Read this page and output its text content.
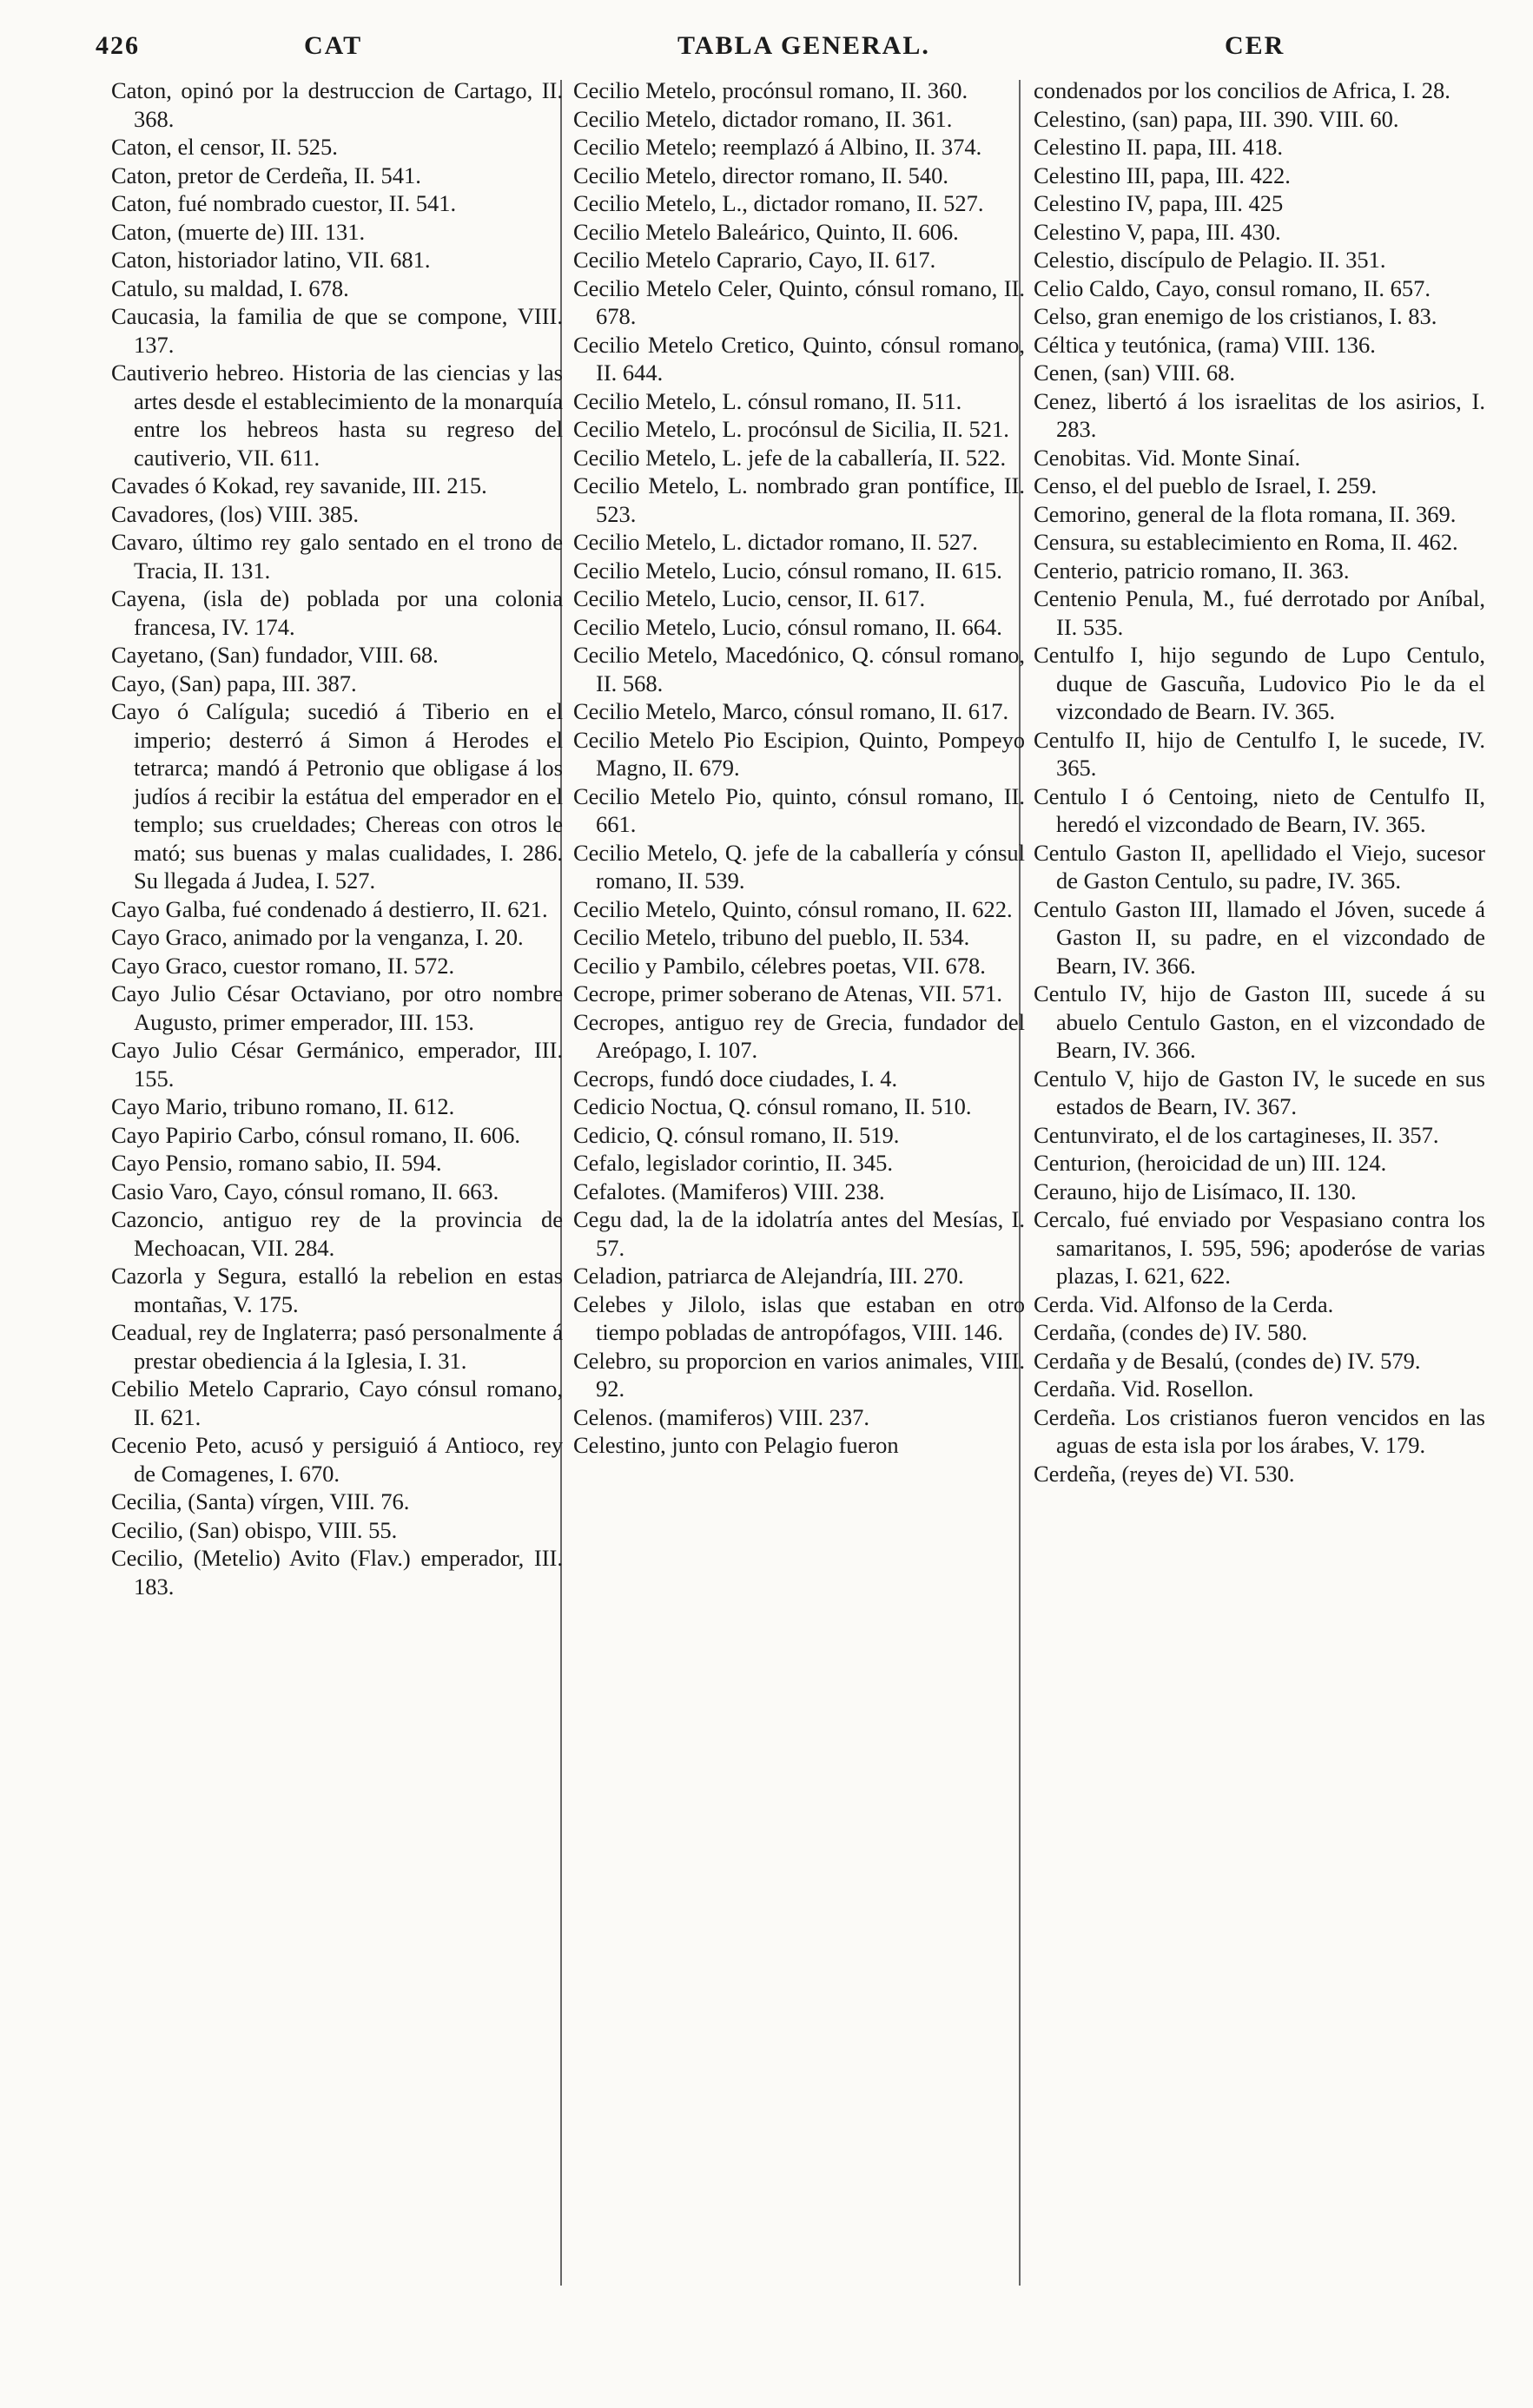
426	CAT	TABLA GENERAL.	CER

Caton, opinó por la destruccion de Cartago, II. 368.

Caton, el censor, II. 525.

Caton, pretor de Cerdeña, II. 541.

Caton, fué nombrado cuestor, II. 541.

Caton, (muerte de) III. 131.

Caton, historiador latino, VII. 681.

Catulo, su maldad, I. 678.

Caucasia, la familia de que se compone, VIII. 137.

Cautiverio hebreo. Historia de las ciencias y las artes desde el establecimiento de la monarquía entre los hebreos hasta su regreso del cautiverio, VII. 611.

Cavades ó Kokad, rey savanide, III. 215.

Cavadores, (los) VIII. 385.

Cavaro, último rey galo sentado en el trono de Tracia, II. 131.

Cayena, (isla de) poblada por una colonia francesa, IV. 174.

Cayetano, (San) fundador, VIII. 68.

Cayo, (San) papa, III. 387.

Cayo ó Calígula; sucedió á Tiberio en el imperio; desterró á Simon á Herodes el tetrarca; mandó á Petronio que obligase á los judíos á recibir la estátua del emperador en el templo; sus crueldades; Chereas con otros le mató; sus buenas y malas cualidades, I. 286. Su llegada á Judea, I. 527.

Cayo Galba, fué condenado á destierro, II. 621.

Cayo Graco, animado por la venganza, I. 20.

Cayo Graco, cuestor romano, II. 572.

Cayo Julio César Octaviano, por otro nombre Augusto, primer emperador, III. 153.

Cayo Julio César Germánico, emperador, III. 155.

Cayo Mario, tribuno romano, II. 612.

Cayo Papirio Carbo, cónsul romano, II. 606.

Cayo Pensio, romano sabio, II. 594.

Casio Varo, Cayo, cónsul romano, II. 663.

Cazoncio, antiguo rey de la provincia de Mechoacan, VII. 284.

Cazorla y Segura, estalló la rebelion en estas montañas, V. 175.

Ceadual, rey de Inglaterra; pasó personalmente á prestar obediencia á la Iglesia, I. 31.

Cebilio Metelo Caprario, Cayo cónsul romano, II. 621.

Cecenio Peto, acusó y persiguió á Antioco, rey de Comagenes, I. 670.

Cecilia, (Santa) vírgen, VIII. 76.

Cecilio, (San) obispo, VIII. 55.

Cecilio, (Metelio) Avito (Flav.) emperador, III. 183.

Cecilio Metelo, procónsul romano, II. 360.

Cecilio Metelo, dictador romano, II. 361.

Cecilio Metelo; reemplazó á Albino, II. 374.

Cecilio Metelo, director romano, II. 540.

Cecilio Metelo, L., dictador romano, II. 527.

Cecilio Metelo Baleárico, Quinto, II. 606.

Cecilio Metelo Caprario, Cayo, II. 617.

Cecilio Metelo Celer, Quinto, cónsul romano, II. 678.

Cecilio Metelo Cretico, Quinto, cónsul romano, II. 644.

Cecilio Metelo, L. cónsul romano, II. 511.

Cecilio Metelo, L. procónsul de Sicilia, II. 521.

Cecilio Metelo, L. jefe de la caballería, II. 522.

Cecilio Metelo, L. nombrado gran pontífice, II. 523.

Cecilio Metelo, L. dictador romano, II. 527.

Cecilio Metelo, Lucio, cónsul romano, II. 615.

Cecilio Metelo, Lucio, censor, II. 617.

Cecilio Metelo, Lucio, cónsul romano, II. 664.

Cecilio Metelo, Macedónico, Q. cónsul romano, II. 568.

Cecilio Metelo, Marco, cónsul romano, II. 617.

Cecilio Metelo Pio Escipion, Quinto, Pompeyo Magno, II. 679.

Cecilio Metelo Pio, quinto, cónsul romano, II. 661.

Cecilio Metelo, Q. jefe de la caballería y cónsul romano, II. 539.

Cecilio Metelo, Quinto, cónsul romano, II. 622.

Cecilio Metelo, tribuno del pueblo, II. 534.

Cecilio y Pambilo, célebres poetas, VII. 678.

Cecrope, primer soberano de Atenas, VII. 571.

Cecropes, antiguo rey de Grecia, fundador del Areópago, I. 107.

Cecrops, fundó doce ciudades, I. 4.

Cedicio Noctua, Q. cónsul romano, II. 510.

Cedicio, Q. cónsul romano, II. 519.

Cefalo, legislador corintio, II. 345.

Cefalotes. (Mamiferos) VIII. 238.

Cegu dad, la de la idolatría antes del Mesías, I. 57.

Celadion, patriarca de Alejandría, III. 270.

Celebes y Jilolo, islas que estaban en otro tiempo pobladas de antropófagos, VIII. 146.

Celebro, su proporcion en varios animales, VIII. 92.

Celenos. (mamiferos) VIII. 237.

Celestino, junto con Pelagio fueron

condenados por los concilios de Africa, I. 28.

Celestino, (san) papa, III. 390. VIII. 60.

Celestino II. papa, III. 418.

Celestino III, papa, III. 422.

Celestino IV, papa, III. 425

Celestino V, papa, III. 430.

Celestio, discípulo de Pelagio. II. 351.

Celio Caldo, Cayo, consul romano, II. 657.

Celso, gran enemigo de los cristianos, I. 83.

Céltica y teutónica, (rama) VIII. 136.

Cenen, (san) VIII. 68.

Cenez, libertó á los israelitas de los asirios, I. 283.

Cenobitas. Vid. Monte Sinaí.

Censo, el del pueblo de Israel, I. 259.

Cemorino, general de la flota romana, II. 369.

Censura, su establecimiento en Roma, II. 462.

Centerio, patricio romano, II. 363.

Centenio Penula, M., fué derrotado por Aníbal, II. 535.

Centulfo I, hijo segundo de Lupo Centulo, duque de Gascuña, Ludovico Pio le da el vizcondado de Bearn. IV. 365.

Centulfo II, hijo de Centulfo I, le sucede, IV. 365.

Centulo I ó Centoing, nieto de Centulfo II, heredó el vizcondado de Bearn, IV. 365.

Centulo Gaston II, apellidado el Viejo, sucesor de Gaston Centulo, su padre, IV. 365.

Centulo Gaston III, llamado el Jóven, sucede á Gaston II, su padre, en el vizcondado de Bearn, IV. 366.

Centulo IV, hijo de Gaston III, sucede á su abuelo Centulo Gaston, en el vizcondado de Bearn, IV. 366.

Centulo V, hijo de Gaston IV, le sucede en sus estados de Bearn, IV. 367.

Centunvirato, el de los cartagineses, II. 357.

Centurion, (heroicidad de un) III. 124.

Cerauno, hijo de Lisímaco, II. 130.

Cercalo, fué enviado por Vespasiano contra los samaritanos, I. 595, 596; apoderóse de varias plazas, I. 621, 622.

Cerda. Vid. Alfonso de la Cerda.

Cerdaña, (condes de) IV. 580.

Cerdaña y de Besalú, (condes de) IV. 579.

Cerdaña. Vid. Rosellon.

Cerdeña. Los cristianos fueron vencidos en las aguas de esta isla por los árabes, V. 179.

Cerdeña, (reyes de) VI. 530.
